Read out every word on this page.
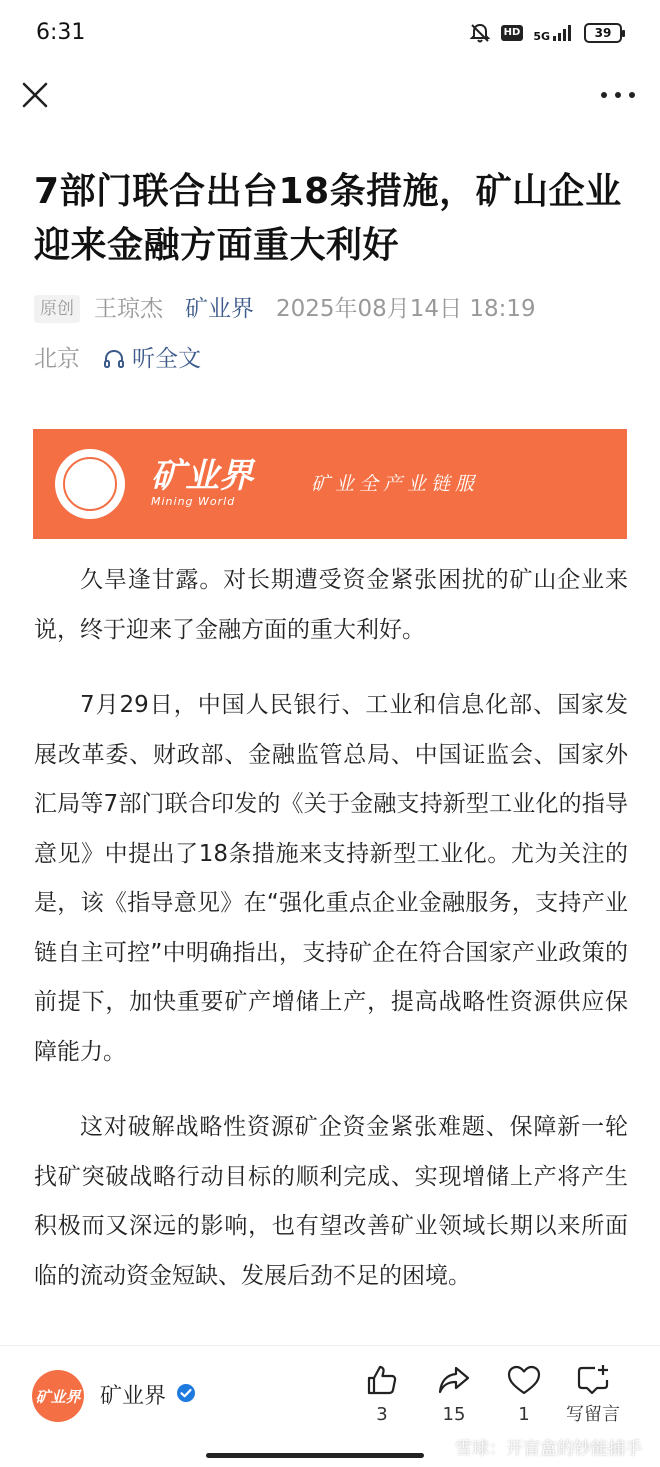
6:31	HD 5G	39
7部门联合出台18条措施，矿山企业迎来金融方面重大利好
原创 王琼杰 矿业界 2025年08月14日 18:19
北京 听全文
矿业界
Mining World
矿业全产业链服

久旱逢甘露。对长期遭受资金紧张困扰的矿山企业来说，终于迎来了金融方面的重大利好。

7月29日，中国人民银行、工业和信息化部、国家发展改革委、财政部、金融监管总局、中国证监会、国家外汇局等7部门联合印发的《关于金融支持新型工业化的指导意见》中提出了18条措施来支持新型工业化。尤为关注的是，该《指导意见》在“强化重点企业金融服务，支持产业链自主可控”中明确指出，支持矿企在符合国家产业政策的前提下，加快重要矿产增储上产，提高战略性资源供应保障能力。

这对破解战略性资源矿企资金紧张难题、保障新一轮找矿突破战略行动目标的顺利完成、实现增储上产将产生积极而又深远的影响，也有望改善矿业领域长期以来所面临的流动资金短缺、发展后劲不足的困境。

矿业界 矿业界
3	15	1 写留言
雪球：开盲盒的钞能捕手
